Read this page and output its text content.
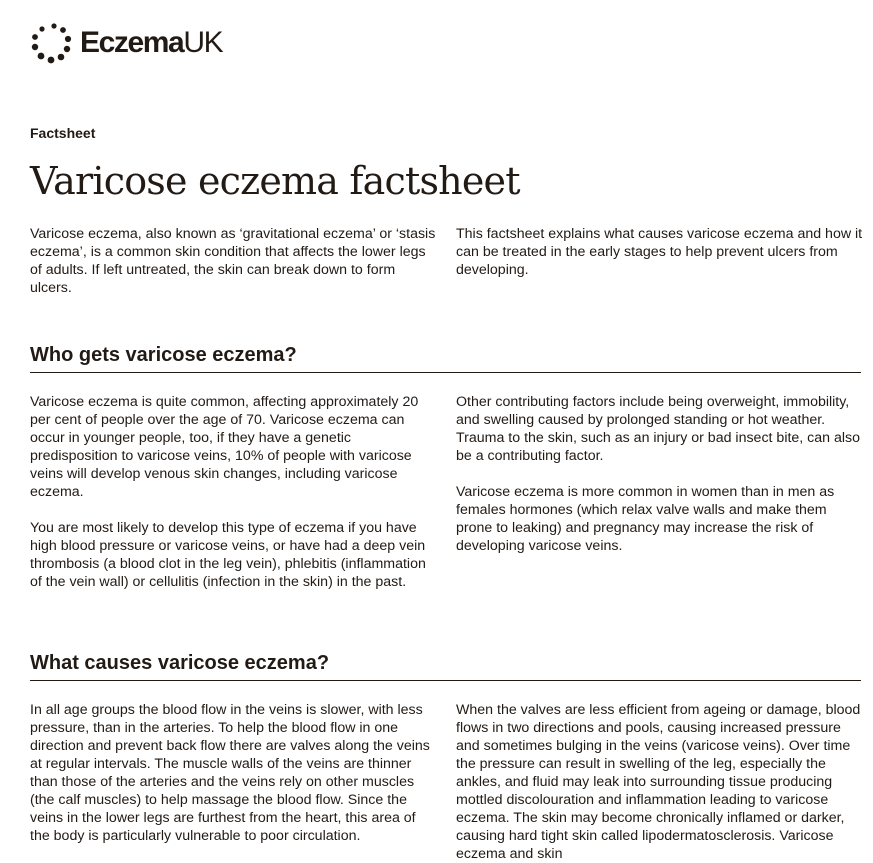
Eczema UK
Factsheet
Varicose eczema factsheet

Varicose eczema, also known as ‘gravitational eczema’ or ‘stasis eczema’, is a common skin condition that affects the lower legs of adults. If left untreated, the skin can break down to form ulcers.

This factsheet explains what causes varicose eczema and how it can be treated in the early stages to help prevent ulcers from developing.

Who gets varicose eczema?

Varicose eczema is quite common, affecting approximately 20 per cent of people over the age of 70. Varicose eczema can occur in younger people, too, if they have a genetic predisposition to varicose veins, 10% of people with varicose veins will develop venous skin changes, including varicose eczema.

You are most likely to develop this type of eczema if you have high blood pressure or varicose veins, or have had a deep vein thrombosis (a blood clot in the leg vein), phlebitis (inflammation of the vein wall) or cellulitis (infection in the skin) in the past.

Other contributing factors include being overweight, immobility, and swelling caused by prolonged standing or hot weather. Trauma to the skin, such as an injury or bad insect bite, can also be a contributing factor.

Varicose eczema is more common in women than in men as females hormones (which relax valve walls and make them prone to leaking) and pregnancy may increase the risk of developing varicose veins.

What causes varicose eczema?

In all age groups the blood flow in the veins is slower, with less pressure, than in the arteries. To help the blood flow in one direction and prevent back flow there are valves along the veins at regular intervals. The muscle walls of the veins are thinner than those of the arteries and the veins rely on other muscles (the calf muscles) to help massage the blood flow. Since the veins in the lower legs are furthest from the heart, this area of the body is particularly vulnerable to poor circulation.

When the valves are less efficient from ageing or damage, blood flows in two directions and pools, causing increased pressure and sometimes bulging in the veins (varicose veins). Over time the pressure can result in swelling of the leg, especially the ankles, and fluid may leak into surrounding tissue producing mottled discolouration and inflammation leading to varicose eczema. The skin may become chronically inflamed or darker, causing hard tight skin called lipodermatosclerosis. Varicose eczema and skin
